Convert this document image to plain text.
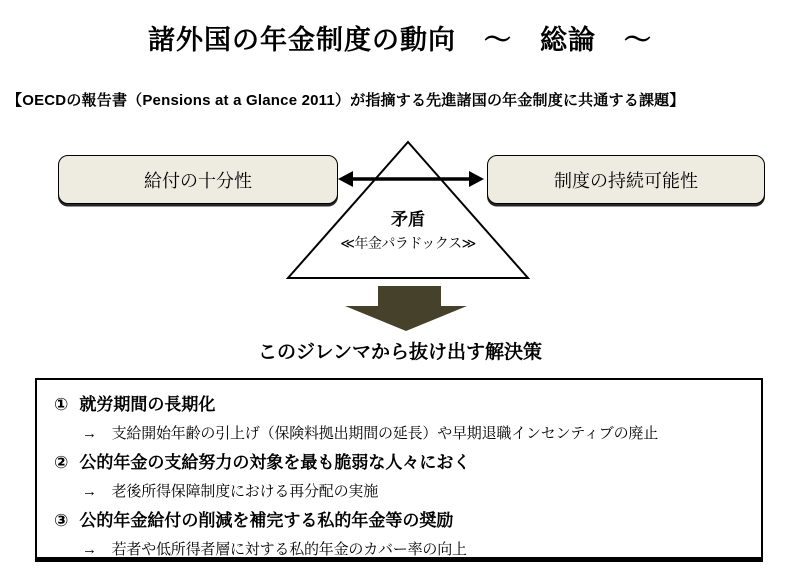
諸外国の年金制度の動向　～　総論　～
【OECDの報告書（Pensions at a Glance 2011）が指摘する先進諸国の年金制度に共通する課題】
給付の十分性	制度の持続可能性
矛盾
≪年金パラドックス≫
このジレンマから抜け出す解決策
① 就労期間の長期化
→　支給開始年齢の引上げ（保険料拠出期間の延長）や早期退職インセンティブの廃止
② 公的年金の支給努力の対象を最も脆弱な人々におく
→　老後所得保障制度における再分配の実施
③ 公的年金給付の削減を補完する私的年金等の奨励
→　若者や低所得者層に対する私的年金のカバー率の向上
